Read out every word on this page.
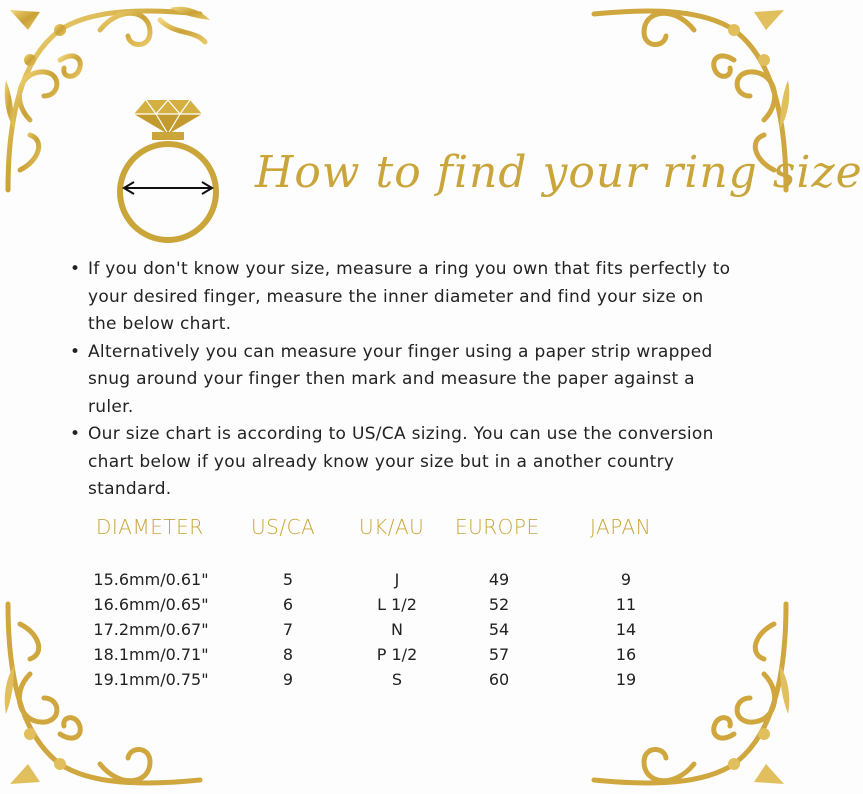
How to find your ring size
• If you don't know your size, measure a ring you own that fits perfectly to your desired finger, measure the inner diameter and find your size on the below chart.
• Alternatively you can measure your finger using a paper strip wrapped snug around your finger then mark and measure the paper against a ruler.
• Our size chart is according to US/CA sizing. You can use the conversion chart below if you already know your size but in a another country standard.
DIAMETER US/CA UK/AU EUROPE	JAPAN
15.6mm/0.61"	5	J	49	9
16.6mm/0.65"	6	L 1/2	52	11
17.2mm/0.67"	7	N	54	14
18.1mm/0.71"	8	P 1/2	57	16
19.1mm/0.75"	9	S	60	19
